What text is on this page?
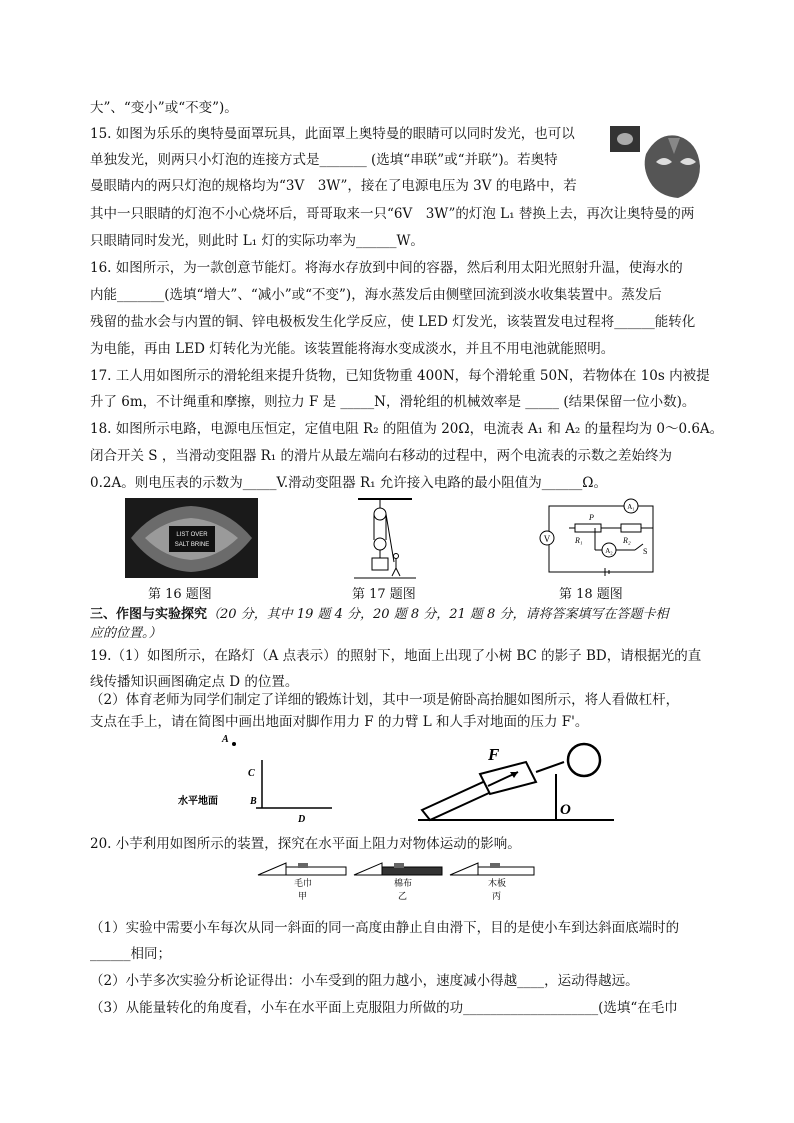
大”、“变小”或“不变”)。
15. 如图为乐乐的奥特曼面罩玩具，此面罩上奥特曼的眼睛可以同时发光，也可以
单独发光，则两只小灯泡的连接方式是_______ (选填“串联”或“并联”)。若奥特
曼眼睛内的两只灯泡的规格均为“3V　3W”，接在了电源电压为 3V 的电路中，若
其中一只眼睛的灯泡不小心烧坏后，哥哥取来一只“6V　3W”的灯泡 L₁ 替换上去，再次让奥特曼的两
只眼睛同时发光，则此时 L₁ 灯的实际功率为______W。
16. 如图所示，为一款创意节能灯。将海水存放到中间的容器，然后利用太阳光照射升温，使海水的
内能_______(选填“增大”、“减小”或“不变”)，海水蒸发后由侧壁回流到淡水收集装置中。蒸发后
残留的盐水会与内置的铜、锌电极板发生化学反应，使 LED 灯发光，该装置发电过程将______能转化
为电能，再由 LED 灯转化为光能。该装置能将海水变成淡水，并且不用电池就能照明。
17. 工人用如图所示的滑轮组来提升货物，已知货物重 400N，每个滑轮重 50N，若物体在 10s 内被提
升了 6m，不计绳重和摩擦，则拉力 F 是 _____N，滑轮组的机械效率是 _____ (结果保留一位小数)。
18. 如图所示电路，电源电压恒定，定值电阻 R₂ 的阻值为 20Ω，电流表 A₁ 和 A₂ 的量程均为 0～0.6A。
闭合开关 S ，当滑动变阻器 R₁ 的滑片从最左端向右移动的过程中，两个电流表的示数之差始终为
0.2A。则电压表的示数为_____V.滑动变阻器 R₁ 允许接入电路的最小阻值为______Ω。
LIST OVER
SALT BRINE
V
A₁
P
R₁	R₂
A₂	S
第 16 题图	第 17 题图	第 18 题图
三、作图与实验探究（20 分，其中 19 题 4 分，20 题 8 分，21 题 8 分，请将答案填写在答题卡相
应的位置。）
19.（1）如图所示，在路灯（A 点表示）的照射下，地面上出现了小树 BC 的影子 BD，请根据光的直
线传播知识画图确定点 D 的位置。
（2）体育老师为同学们制定了详细的锻炼计划，其中一项是俯卧高抬腿如图所示，将人看做杠杆，
支点在手上，请在简图中画出地面对脚作用力 F 的力臂 L 和人手对地面的压力 F'。
A
C
B
D
水平地面
F
O
20. 小芋利用如图所示的装置，探究在水平面上阻力对物体运动的影响。
毛巾	棉布	木板
甲	乙	丙
（1）实验中需要小车每次从同一斜面的同一高度由静止自由滑下，目的是使小车到达斜面底端时的
______相同；
（2）小芋多次实验分析论证得出：小车受到的阻力越小，速度减小得越____，运动得越远。
（3）从能量转化的角度看，小车在水平面上克服阻力所做的功____________________(选填“在毛巾
